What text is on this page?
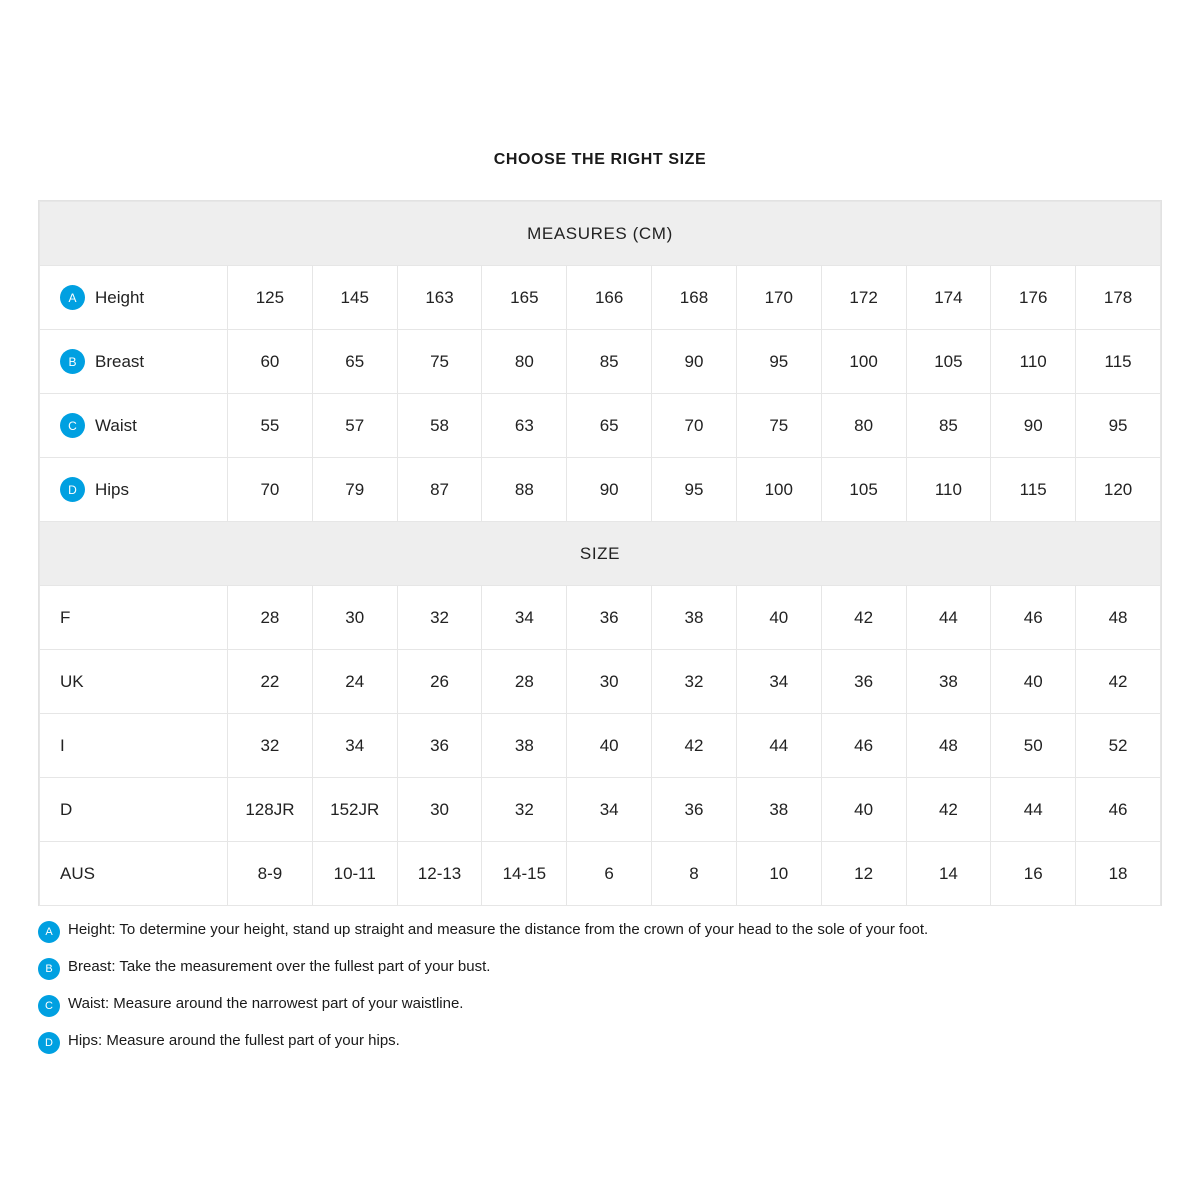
CHOOSE THE RIGHT SIZE
MEASURES (CM)											

A Height	125	145	163	165	166	168	170	172	174	176	178

B Breast	60	65	75	80	85	90	95	100	105	110	115

C Waist	55	57	58	63	65	70	75	80	85	90	95

D Hips	70	79	87	88	90	95	100	105	110	115	120
SIZE											

F	28	30	32	34	36	38	40	42	44	46	48

UK	22	24	26	28	30	32	34	36	38	40	42

I	32	34	36	38	40	42	44	46	48	50	52

D	128JR	152JR	30	32	34	36	38	40	42	44	46

AUS	8-9	10-11	12-13	14-15	6	8	10	12	14	16	18
A	Height: To determine your height, stand up straight and measure the distance from the crown of your head to the sole of your foot.
B	Breast: Take the measurement over the fullest part of your bust.
C	Waist: Measure around the narrowest part of your waistline.
D	Hips: Measure around the fullest part of your hips.
